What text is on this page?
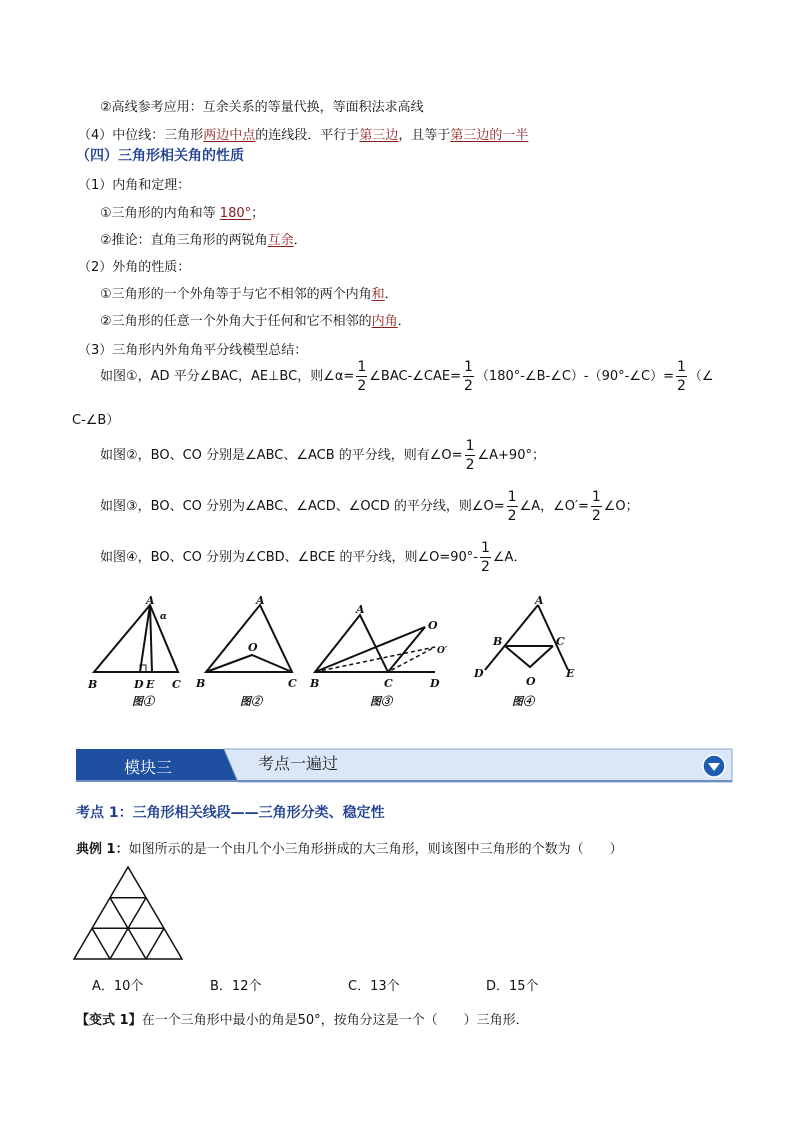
②高线参考应用：互余关系的等量代换，等面积法求高线
（4）中位线：三角形两边中点的连线段．平行于第三边，且等于第三边的一半
（四）三角形相关角的性质
（1）内角和定理：
①三角形的内角和等 180°；
②推论：直角三角形的两锐角互余．
（2）外角的性质：
①三角形的一个外角等于与它不相邻的两个内角和．
②三角形的任意一个外角大于任何和它不相邻的内角．
（3）三角形内外角角平分线模型总结：
如图①，AD 平分∠BAC，AE⊥BC，则∠α= $\frac{1}{2}$ ∠BAC-∠CAE= $\frac{1}{2}$ （180°-∠B-∠C）-（90°-∠C）= $\frac{1}{2}$ （∠
C-∠B）
如图②，BO、CO 分别是∠ABC、∠ACB 的平分线，则有∠O= $\frac{1}{2}$ ∠A+90°；
如图③，BO、CO 分别为∠ABC、∠ACD、∠OCD 的平分线，则∠O= $\frac{1}{2}$ ∠A，∠O′= $\frac{1}{2}$ ∠O；
如图④，BO、CO 分别为∠CBD、∠BCE 的平分线，则∠O=90°- $\frac{1}{2}$ ∠A．
A
α
B	D E C
图①
A
O
B	C
图②
A
O
O′
B	C	D
图③
A
B	C
D	E
O
图④
模块三	考点一遍过
考点 1：三角形相关线段——三角形分类、稳定性
典例 1：如图所示的是一个由几个小三角形拼成的大三角形，则该图中三角形的个数为（　　）
A．10个	B．12个	C．13个	D．15个
【变式 1】在一个三角形中最小的角是50°，按角分这是一个（　　）三角形．
